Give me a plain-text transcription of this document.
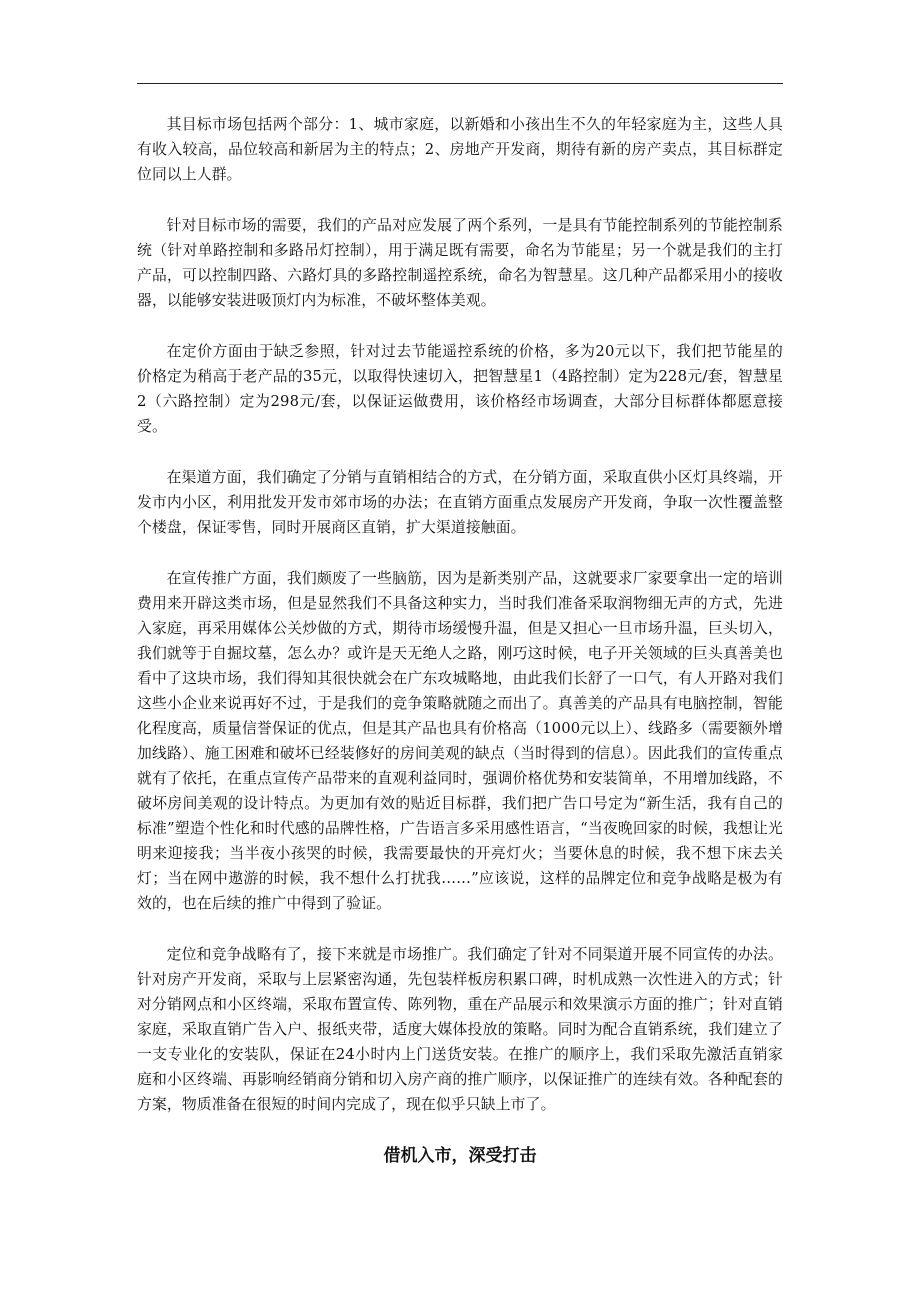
其目标市场包括两个部分：1、城市家庭，以新婚和小孩出生不久的年轻家庭为主，这些人具有收入较高，品位较高和新居为主的特点；2、房地产开发商，期待有新的房产卖点，其目标群定位同以上人群。

针对目标市场的需要，我们的产品对应发展了两个系列，一是具有节能控制系列的节能控制系统（针对单路控制和多路吊灯控制），用于满足既有需要，命名为节能星；另一个就是我们的主打产品，可以控制四路、六路灯具的多路控制遥控系统，命名为智慧星。这几种产品都采用小的接收器，以能够安装进吸顶灯内为标准，不破坏整体美观。

在定价方面由于缺乏参照，针对过去节能遥控系统的价格，多为20元以下，我们把节能星的价格定为稍高于老产品的35元，以取得快速切入，把智慧星1（4路控制）定为228元/套，智慧星2（六路控制）定为298元/套，以保证运做费用，该价格经市场调查，大部分目标群体都愿意接受。

在渠道方面，我们确定了分销与直销相结合的方式，在分销方面，采取直供小区灯具终端，开发市内小区，利用批发开发市郊市场的办法；在直销方面重点发展房产开发商，争取一次性覆盖整个楼盘，保证零售，同时开展商区直销，扩大渠道接触面。

在宣传推广方面，我们颇废了一些脑筋，因为是新类别产品，这就要求厂家要拿出一定的培训费用来开辟这类市场，但是显然我们不具备这种实力，当时我们准备采取润物细无声的方式，先进入家庭，再采用媒体公关炒做的方式，期待市场缓慢升温，但是又担心一旦市场升温，巨头切入，我们就等于自掘坟墓，怎么办？或许是天无绝人之路，刚巧这时候，电子开关领域的巨头真善美也看中了这块市场，我们得知其很快就会在广东攻城略地，由此我们长舒了一口气，有人开路对我们这些小企业来说再好不过，于是我们的竞争策略就随之而出了。真善美的产品具有电脑控制，智能化程度高，质量信誉保证的优点，但是其产品也具有价格高（1000元以上）、线路多（需要额外增加线路）、施工困难和破坏已经装修好的房间美观的缺点（当时得到的信息）。因此我们的宣传重点就有了依托，在重点宣传产品带来的直观利益同时，强调价格优势和安装简单，不用增加线路，不破坏房间美观的设计特点。为更加有效的贴近目标群，我们把广告口号定为“新生活，我有自己的标准”塑造个性化和时代感的品牌性格，广告语言多采用感性语言，“当夜晚回家的时候，我想让光明来迎接我；当半夜小孩哭的时候，我需要最快的开亮灯火；当要休息的时候，我不想下床去关灯；当在网中遨游的时候，我不想什么打扰我……”应该说，这样的品牌定位和竞争战略是极为有效的，也在后续的推广中得到了验证。

定位和竞争战略有了，接下来就是市场推广。我们确定了针对不同渠道开展不同宣传的办法。针对房产开发商，采取与上层紧密沟通，先包装样板房积累口碑，时机成熟一次性进入的方式；针对分销网点和小区终端，采取布置宣传、陈列物，重在产品展示和效果演示方面的推广；针对直销家庭，采取直销广告入户、报纸夹带，适度大媒体投放的策略。同时为配合直销系统，我们建立了一支专业化的安装队，保证在24小时内上门送货安装。在推广的顺序上，我们采取先激活直销家庭和小区终端、再影响经销商分销和切入房产商的推广顺序，以保证推广的连续有效。各种配套的方案，物质准备在很短的时间内完成了，现在似乎只缺上市了。

借机入市，深受打击
